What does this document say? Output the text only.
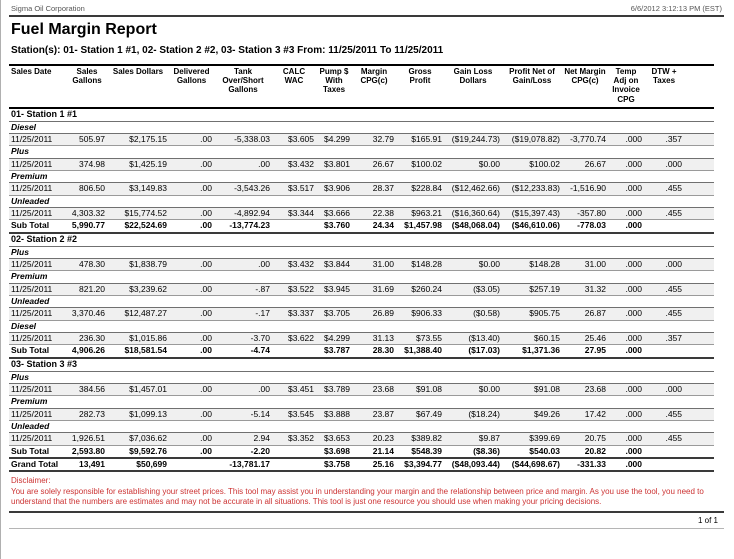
Sigma Oil Corporation	6/6/2012 3:12:13 PM (EST)
Fuel Margin Report
Station(s): 01- Station 1 #1, 02- Station 2 #2, 03- Station 3 #3 From: 11/25/2011 To 11/25/2011
Sales Date	Sales Gallons	Sales Dollars	Delivered Gallons	Tank Over/Short Gallons	CALC WAC	Pump $ With Taxes	Margin CPG(c)	Gross Profit	Gain Loss Dollars	Profit Net of Gain/Loss	Net Margin CPG(c)	Temp Adj on Invoice CPG	DTW + Taxes	
01- Station 1 #1														
Diesel														
11/25/2011	505.97	$2,175.15	.00	-5,338.03	$3.605	$4.299	32.79	$165.91	($19,244.73)	($19,078.82)	-3,770.74	.000	.357	
Plus														
11/25/2011	374.98	$1,425.19	.00	.00	$3.432	$3.801	26.67	$100.02	$0.00	$100.02	26.67	.000	.000	
Premium														
11/25/2011	806.50	$3,149.83	.00	-3,543.26	$3.517	$3.906	28.37	$228.84	($12,462.66)	($12,233.83)	-1,516.90	.000	.455	
Unleaded														
11/25/2011	4,303.32	$15,774.52	.00	-4,892.94	$3.344	$3.666	22.38	$963.21	($16,360.64)	($15,397.43)	-357.80	.000	.455	
Sub Total	5,990.77	$22,524.69	.00	-13,774.23		$3.760	24.34	$1,457.98	($48,068.04)	($46,610.06)	-778.03	.000		
02- Station 2 #2														
Plus														
11/25/2011	478.30	$1,838.79	.00	.00	$3.432	$3.844	31.00	$148.28	$0.00	$148.28	31.00	.000	.000	
Premium														
11/25/2011	821.20	$3,239.62	.00	-.87	$3.522	$3.945	31.69	$260.24	($3.05)	$257.19	31.32	.000	.455	
Unleaded														
11/25/2011	3,370.46	$12,487.27	.00	-.17	$3.337	$3.705	26.89	$906.33	($0.58)	$905.75	26.87	.000	.455	
Diesel														
11/25/2011	236.30	$1,015.86	.00	-3.70	$3.622	$4.299	31.13	$73.55	($13.40)	$60.15	25.46	.000	.357	
Sub Total	4,906.26	$18,581.54	.00	-4.74		$3.787	28.30	$1,388.40	($17.03)	$1,371.36	27.95	.000		
03- Station 3 #3														
Plus														
11/25/2011	384.56	$1,457.01	.00	.00	$3.451	$3.789	23.68	$91.08	$0.00	$91.08	23.68	.000	.000	
Premium														
11/25/2011	282.73	$1,099.13	.00	-5.14	$3.545	$3.888	23.87	$67.49	($18.24)	$49.26	17.42	.000	.455	
Unleaded														
11/25/2011	1,926.51	$7,036.62	.00	2.94	$3.352	$3.653	20.23	$389.82	$9.87	$399.69	20.75	.000	.455	
Sub Total	2,593.80	$9,592.76	.00	-2.20		$3.698	21.14	$548.39	($8.36)	$540.03	20.82	.000		
Grand Total	13,491	$50,699		-13,781.17		$3.758	25.16	$3,394.77	($48,093.44)	($44,698.67)	-331.33	.000		
Disclaimer:
You are solely responsible for establishing your street prices. This tool may assist you in understanding your margin and the relationship between price and margin. As you use the tool, you need to understand that the numbers are estimates and may not be accurate in all situations. This tool is just one resource you should use when making your pricing decisions.
1 of 1
